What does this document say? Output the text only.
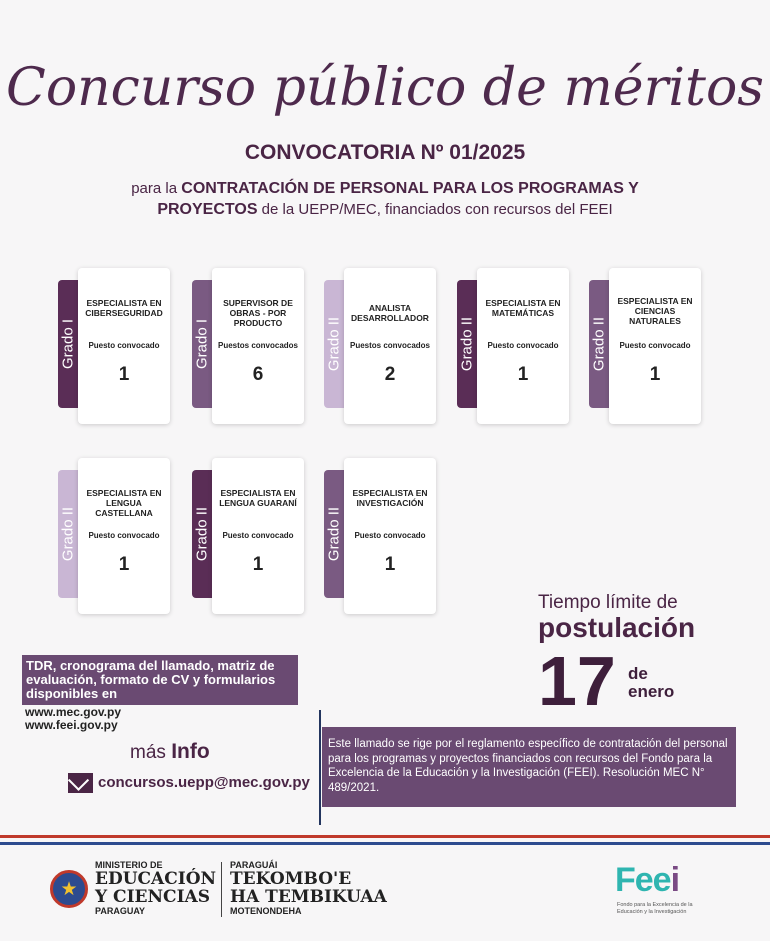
Concurso público de méritos
CONVOCATORIA Nº 01/2025
para la CONTRATACIÓN DE PERSONAL PARA LOS PROGRAMAS Y PROYECTOS de la UEPP/MEC, financiados con recursos del FEEI
Grado I
ESPECIALISTA EN CIBERSEGURIDAD
Puesto convocado
1
Grado I
SUPERVISOR DE OBRAS - POR PRODUCTO
Puestos convocados
6
Grado II
ANALISTA DESARROLLADOR
Puestos convocados
2
Grado II
ESPECIALISTA EN MATEMÁTICAS
Puesto convocado
1
Grado II
ESPECIALISTA EN CIENCIAS NATURALES
Puesto convocado
1
Grado II
ESPECIALISTA EN LENGUA CASTELLANA
Puesto convocado
1
Grado II
ESPECIALISTA EN LENGUA GUARANÍ
Puesto convocado
1
Grado II
ESPECIALISTA EN INVESTIGACIÓN
Puesto convocado
1
Tiempo límite de
postulación
17 de
enero
TDR, cronograma del llamado, matriz de evaluación, formato de CV y formularios disponibles en
www.mec.gov.py
www.feei.gov.py
más Info
concursos.uepp@mec.gov.py
Este llamado se rige por el reglamento específico de contratación del personal para los programas y proyectos financiados con recursos del Fondo para la Excelencia de la Educación y la Investigación (FEEI). Resolución MEC N° 489/2021.
★
MINISTERIO DE
EDUCACIÓN
Y CIENCIAS
PARAGUAY
PARAGUÁI
TEKOMBO'E
HA TEMBIKUAA
MOTENONDEHA
Feei
Fondo para la Excelencia de la Educación y la Investigación
